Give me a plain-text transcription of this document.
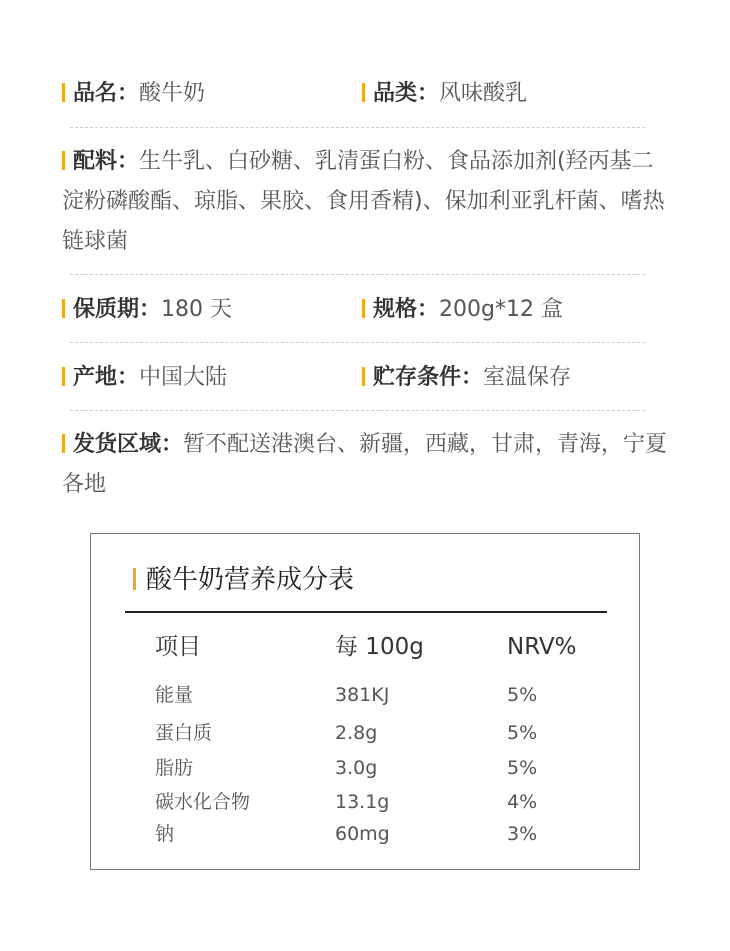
品名：酸牛奶	品类：风味酸乳
配料：生牛乳、白砂糖、乳清蛋白粉、食品添加剂(羟丙基二淀粉磷酸酯、琼脂、果胶、食用香精)、保加利亚乳杆菌、嗜热链球菌
保质期：180 天	规格：200g*12 盒
产地：中国大陆	贮存条件：室温保存
发货区域：暂不配送港澳台、新疆，西藏，甘肃，青海，宁夏各地
酸牛奶营养成分表
项目	每 100g	NRV%
能量	381KJ	5%
蛋白质	2.8g	5%
脂肪	3.0g	5%
碳水化合物	13.1g	4%
钠	60mg	3%
